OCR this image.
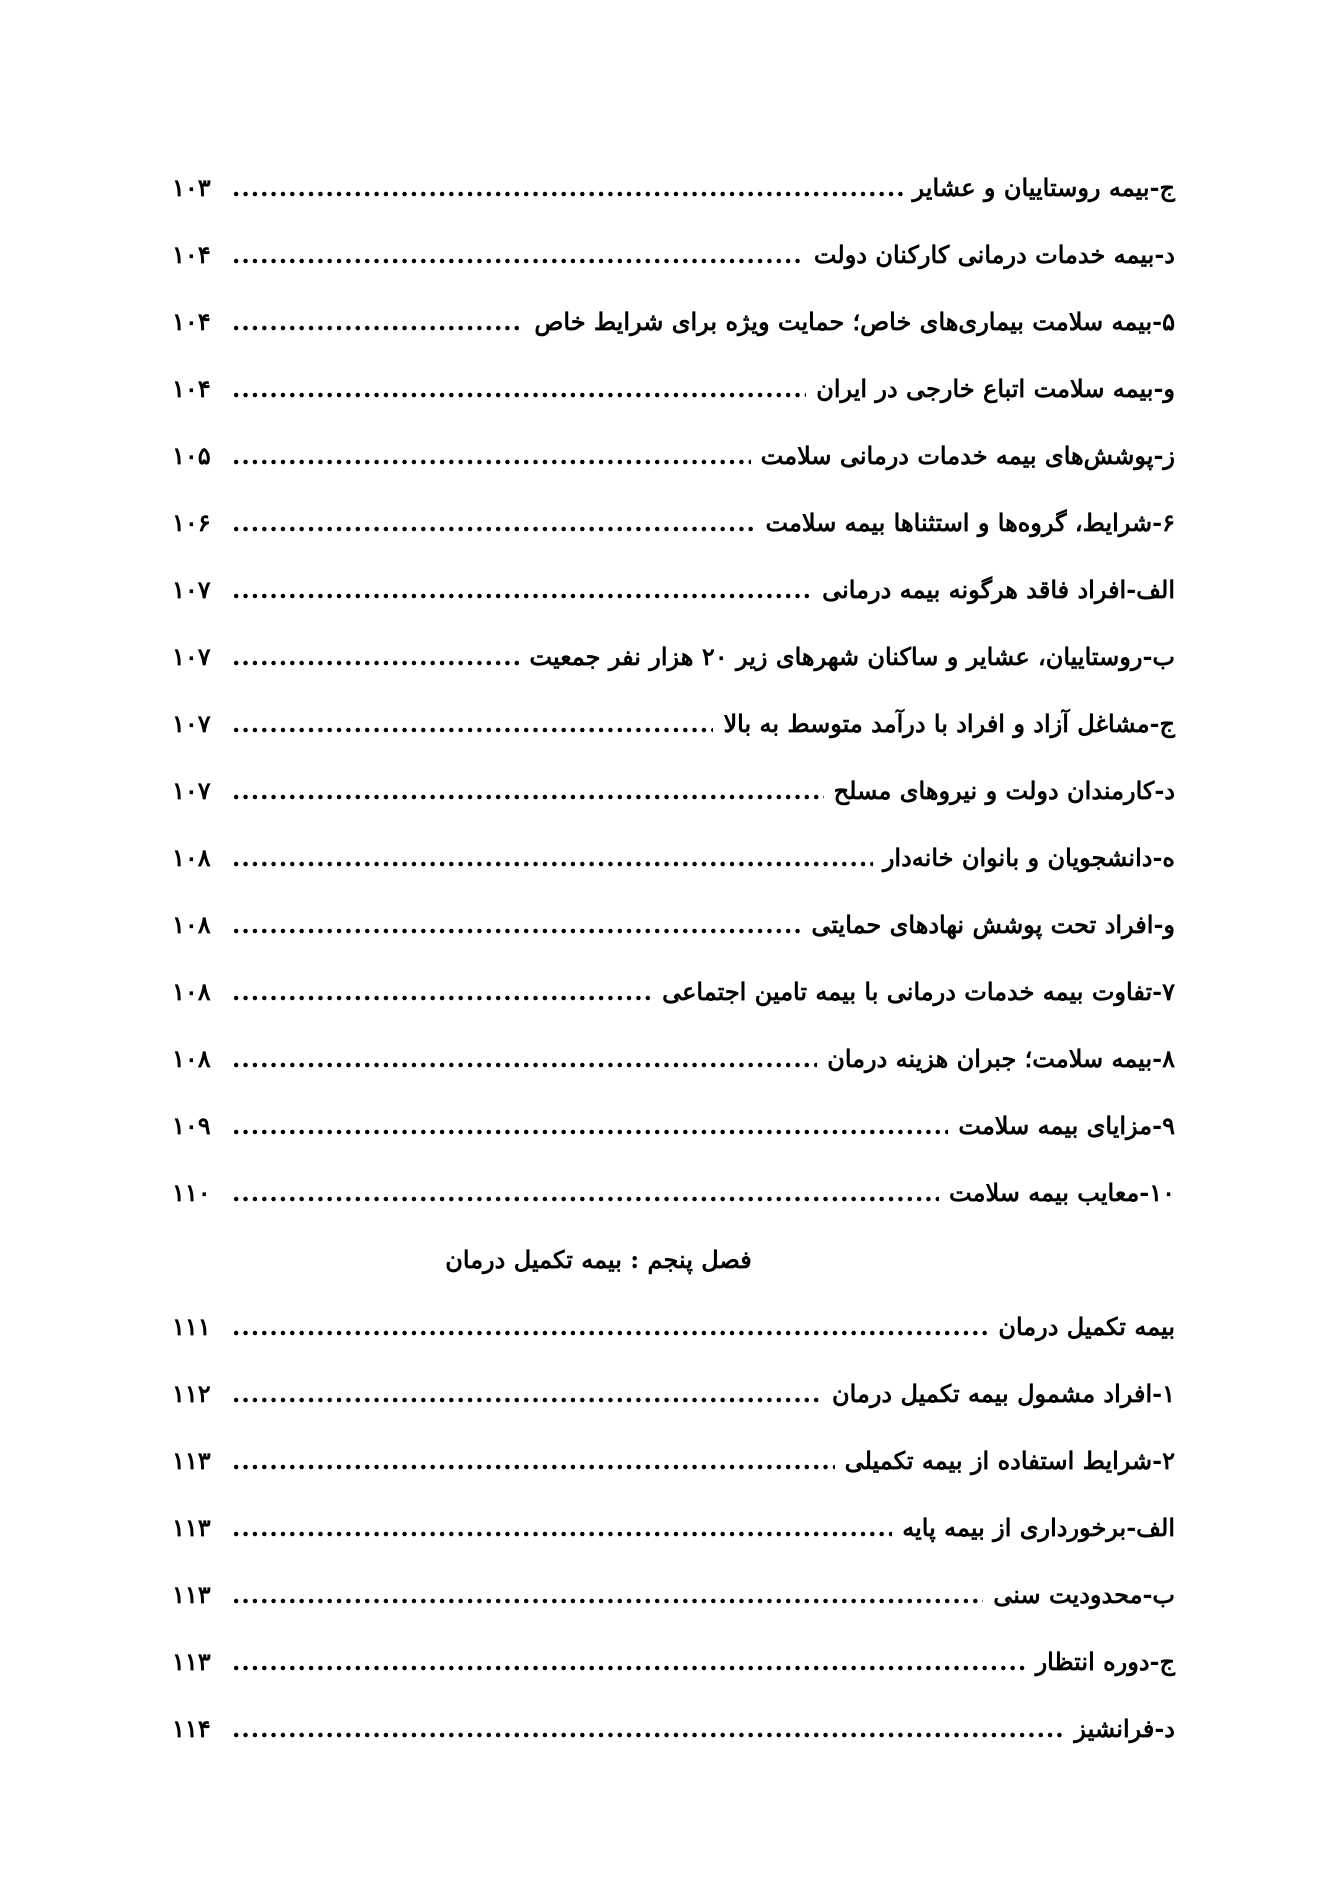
ج-بیمه روستاییان و عشایر
.....
۱۰۳
د-بیمه خدمات درمانی کارکنان دولت
.....
۱۰۴
۵-بیمه سلامت بیماری‌های خاص؛ حمایت ویژه برای شرایط خاص
.....
۱۰۴
و-بیمه سلامت اتباع خارجی در ایران
.....
۱۰۴
ز-پوشش‌های بیمه خدمات درمانی سلامت
.....
۱۰۵
۶-شرایط، گروه‌ها و استثناها بیمه سلامت
.....
۱۰۶
الف-افراد فاقد هرگونه بیمه درمانی
.....
۱۰۷
ب-روستاییان، عشایر و ساکنان شهرهای زیر ۲۰ هزار نفر جمعیت
.....
۱۰۷
ج-مشاغل آزاد و افراد با درآمد متوسط به بالا
.....
۱۰۷
د-کارمندان دولت و نیروهای مسلح
.....
۱۰۷
ه-دانشجویان و بانوان خانه‌دار
.....
۱۰۸
و-افراد تحت پوشش نهادهای حمایتی
.....
۱۰۸
۷-تفاوت بیمه خدمات درمانی با بیمه تامین اجتماعی
.....
۱۰۸
۸-بیمه سلامت؛ جبران هزینه درمان
.....
۱۰۸
۹-مزایای بیمه سلامت
.....
۱۰۹
۱۰-معایب بیمه سلامت
.....
۱۱۰
فصل پنجم : بیمه تکمیل درمان
بیمه تکمیل درمان
.....
۱۱۱
۱-افراد مشمول بیمه تکمیل درمان
.....
۱۱۲
۲-شرایط استفاده از بیمه تکمیلی
.....
۱۱۳
الف-برخورداری از بیمه پایه
.....
۱۱۳
ب-محدودیت سنی
.....
۱۱۳
ج-دوره انتظار
.....
۱۱۳
د-فرانشیز
.....
۱۱۴
